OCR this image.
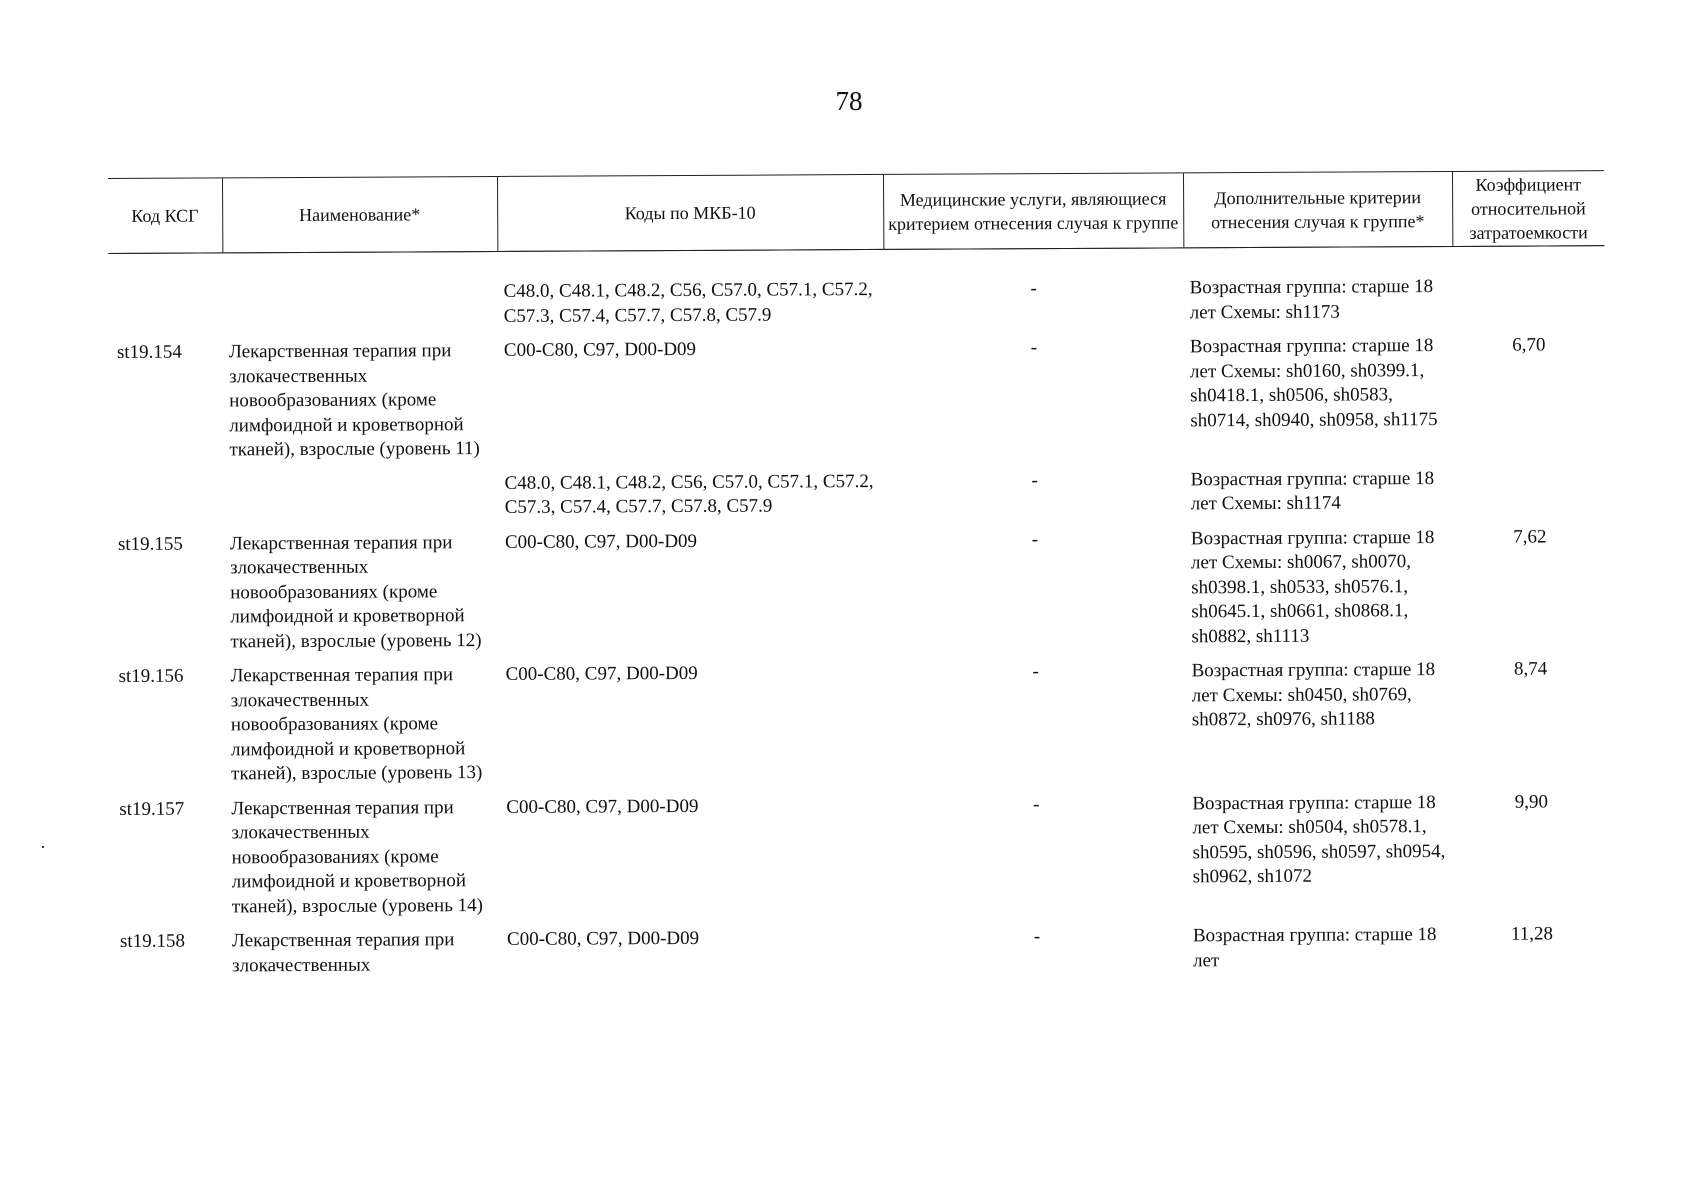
78
Код КСГ	Наименование*	Коды по МКБ-10	Медицинские услуги, являющиеся критерием отнесения случая к группе	Дополнительные критерии отнесения случая к группе*	Коэффициент относительной затратоемкости
		C48.0, C48.1, C48.2, C56, C57.0, C57.1, C57.2, C57.3, C57.4, C57.7, C57.8, C57.9	-	Возрастная группа: старше 18 лет Схемы: sh1173	
st19.154	Лекарственная терапия при злокачественных новообразованиях (кроме лимфоидной и кроветворной тканей), взрослые (уровень 11)	C00-C80, C97, D00-D09	-	Возрастная группа: старше 18 лет Схемы: sh0160, sh0399.1, sh0418.1, sh0506, sh0583, sh0714, sh0940, sh0958, sh1175	6,70
		C48.0, C48.1, C48.2, C56, C57.0, C57.1, C57.2, C57.3, C57.4, C57.7, C57.8, C57.9	-	Возрастная группа: старше 18 лет Схемы: sh1174	
st19.155	Лекарственная терапия при злокачественных новообразованиях (кроме лимфоидной и кроветворной тканей), взрослые (уровень 12)	C00-C80, C97, D00-D09	-	Возрастная группа: старше 18 лет Схемы: sh0067, sh0070, sh0398.1, sh0533, sh0576.1, sh0645.1, sh0661, sh0868.1, sh0882, sh1113	7,62
st19.156	Лекарственная терапия при злокачественных новообразованиях (кроме лимфоидной и кроветворной тканей), взрослые (уровень 13)	C00-C80, C97, D00-D09	-	Возрастная группа: старше 18 лет Схемы: sh0450, sh0769, sh0872, sh0976, sh1188	8,74
st19.157	Лекарственная терапия при злокачественных новообразованиях (кроме лимфоидной и кроветворной тканей), взрослые (уровень 14)	C00-C80, C97, D00-D09	-	Возрастная группа: старше 18 лет Схемы: sh0504, sh0578.1, sh0595, sh0596, sh0597, sh0954, sh0962, sh1072	9,90
st19.158	Лекарственная терапия при злокачественных	C00-C80, C97, D00-D09	-	Возрастная группа: старше 18 лет	11,28
